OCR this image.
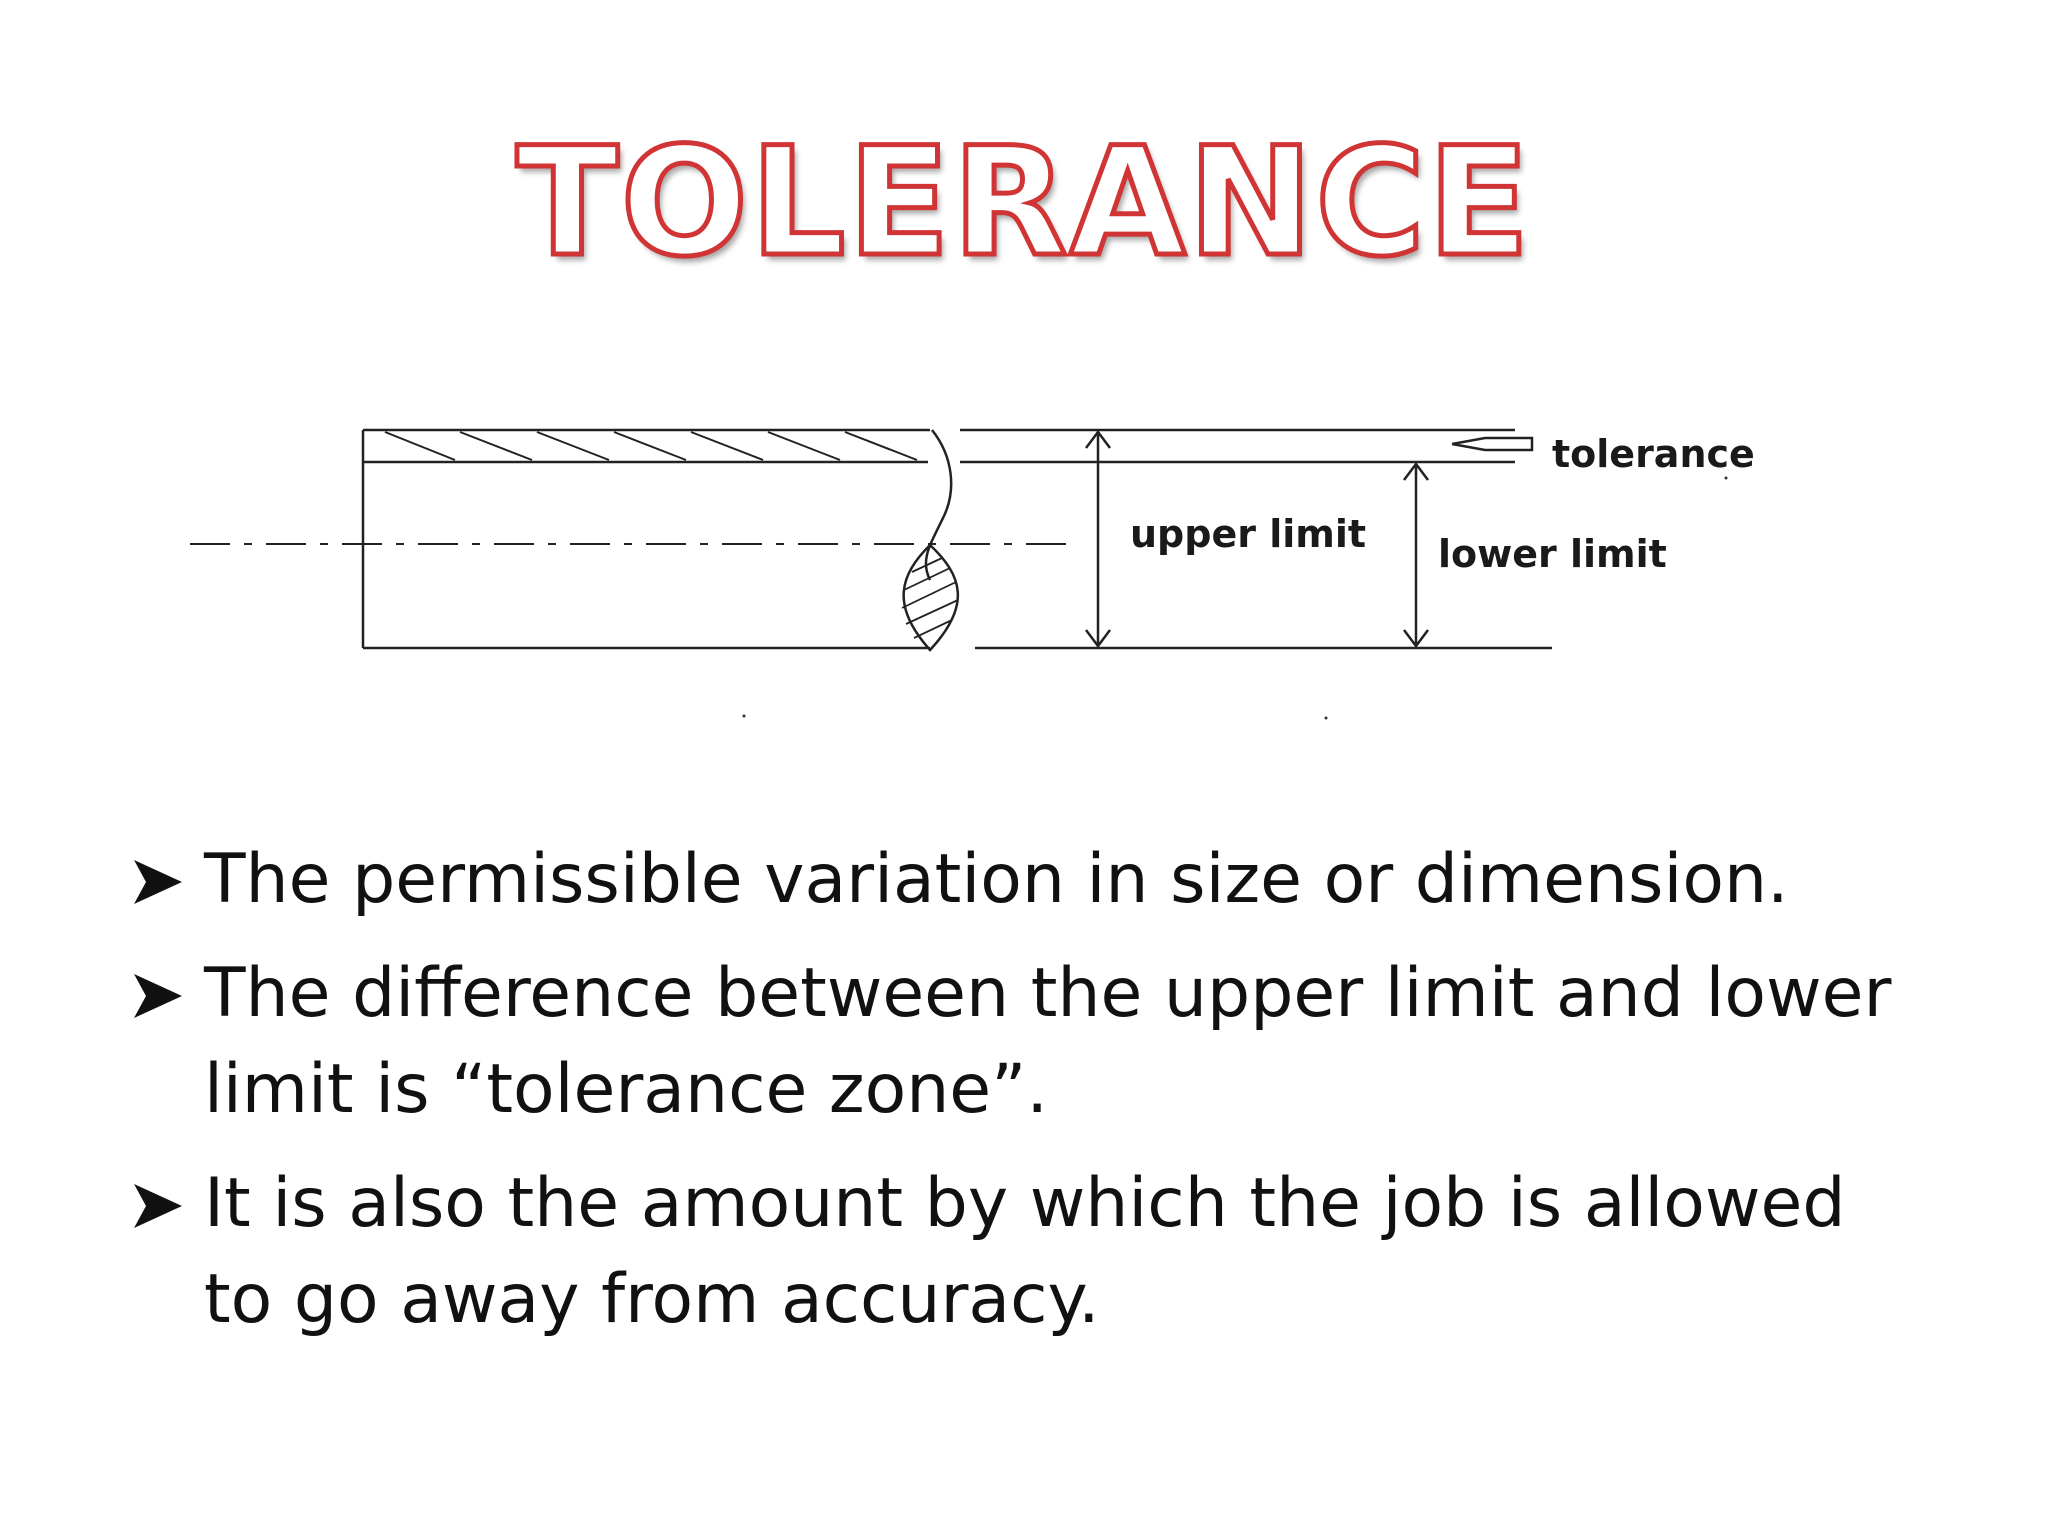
TOLERANCE
tolerance
upper limit lower limit
The permissible variation in size or dimension.
The difference between the upper limit and lower limit is “tolerance zone”.
It is also the amount by which the job is allowed to go away from accuracy.
